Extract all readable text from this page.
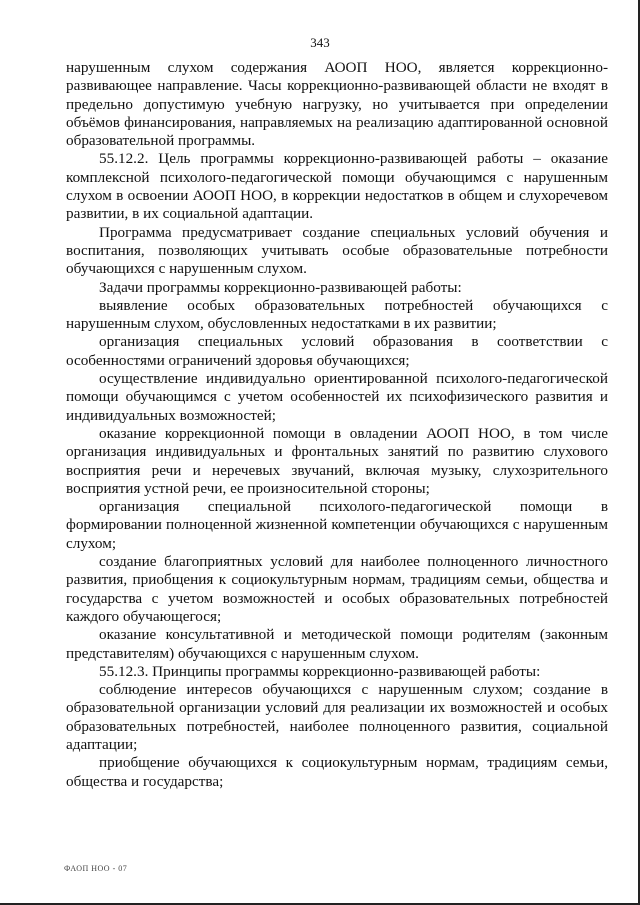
343

нарушенным слухом содержания АООП НОО, является коррекционно-развивающее направление. Часы коррекционно-развивающей области не входят в предельно допустимую учебную нагрузку, но учитывается при определении объёмов финансирования, направляемых на реализацию адаптированной основной образовательной программы.

55.12.2. Цель программы коррекционно-развивающей работы – оказание комплексной психолого-педагогической помощи обучающимся с нарушенным слухом в освоении АООП НОО, в коррекции недостатков в общем и слухоречевом развитии, в их социальной адаптации.

Программа предусматривает создание специальных условий обучения и воспитания, позволяющих учитывать особые образовательные потребности обучающихся с нарушенным слухом.

Задачи программы коррекционно-развивающей работы:

выявление особых образовательных потребностей обучающихся с нарушенным слухом, обусловленных недостатками в их развитии;

организация специальных условий образования в соответствии с особенностями ограничений здоровья обучающихся;

осуществление индивидуально ориентированной психолого-педагогической помощи обучающимся с учетом особенностей их психофизического развития и индивидуальных возможностей;

оказание коррекционной помощи в овладении АООП НОО, в том числе организация индивидуальных и фронтальных занятий по развитию слухового восприятия речи и неречевых звучаний, включая музыку, слухозрительного восприятия устной речи, ее произносительной стороны;

организация специальной психолого-педагогической помощи в формировании полноценной жизненной компетенции обучающихся с нарушенным слухом;

создание благоприятных условий для наиболее полноценного личностного развития, приобщения к социокультурным нормам, традициям семьи, общества и государства с учетом возможностей и особых образовательных потребностей каждого обучающегося;

оказание консультативной и методической помощи родителям (законным представителям) обучающихся с нарушенным слухом.

55.12.3. Принципы программы коррекционно-развивающей работы:

соблюдение интересов обучающихся с нарушенным слухом; создание в образовательной организации условий для реализации их возможностей и особых образовательных потребностей, наиболее полноценного развития, социальной адаптации;

приобщение обучающихся к социокультурным нормам, традициям семьи, общества и государства;

ФАОП НОО - 07
